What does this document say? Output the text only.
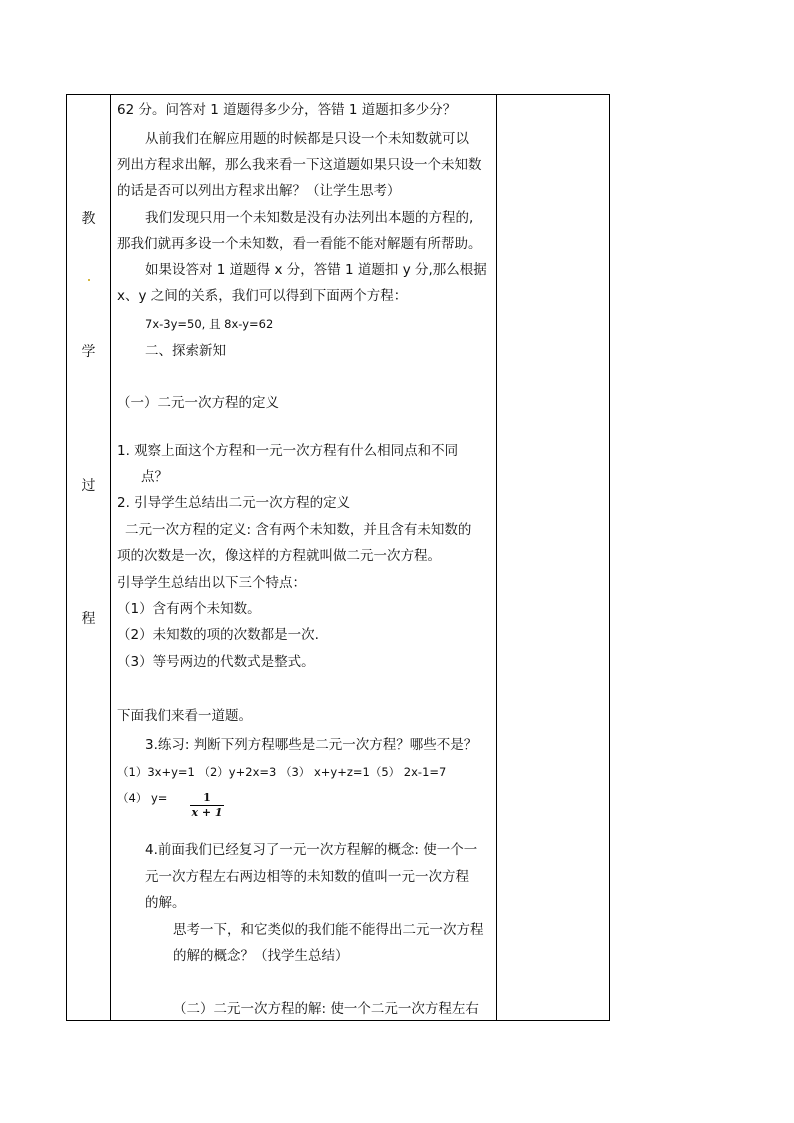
教
学
过
程
62 分。问答对 1 道题得多少分，答错 1 道题扣多少分？
从前我们在解应用题的时候都是只设一个未知数就可以
列出方程求出解，那么我来看一下这道题如果只设一个未知数
的话是否可以列出方程求出解？（让学生思考）
我们发现只用一个未知数是没有办法列出本题的方程的,
那我们就再多设一个未知数，看一看能不能对解题有所帮助。
如果设答对 1 道题得 x 分，答错 1 道题扣 y 分,那么根据
x、y 之间的关系，我们可以得到下面两个方程：
7x-3y=50, 且 8x-y=62
二、探索新知
（一）二元一次方程的定义
1. 观察上面这个方程和一元一次方程有什么相同点和不同
点？
2. 引导学生总结出二元一次方程的定义
二元一次方程的定义: 含有两个未知数，并且含有未知数的
项的次数是一次，像这样的方程就叫做二元一次方程。
引导学生总结出以下三个特点：
（1）含有两个未知数。
（2）未知数的项的次数都是一次.
（3）等号两边的代数式是整式。
下面我们来看一道题。
3.练习: 判断下列方程哪些是二元一次方程？哪些不是？
（1）3x+y=1 （2）y+2x=3 （3） x+y+z=1（5） 2x-1=7
（4） y=	1
x + 1
4.前面我们已经复习了一元一次方程解的概念: 使一个一
元一次方程左右两边相等的未知数的值叫一元一次方程
的解。
思考一下，和它类似的我们能不能得出二元一次方程
的解的概念？（找学生总结）
（二）二元一次方程的解: 使一个二元一次方程左右
